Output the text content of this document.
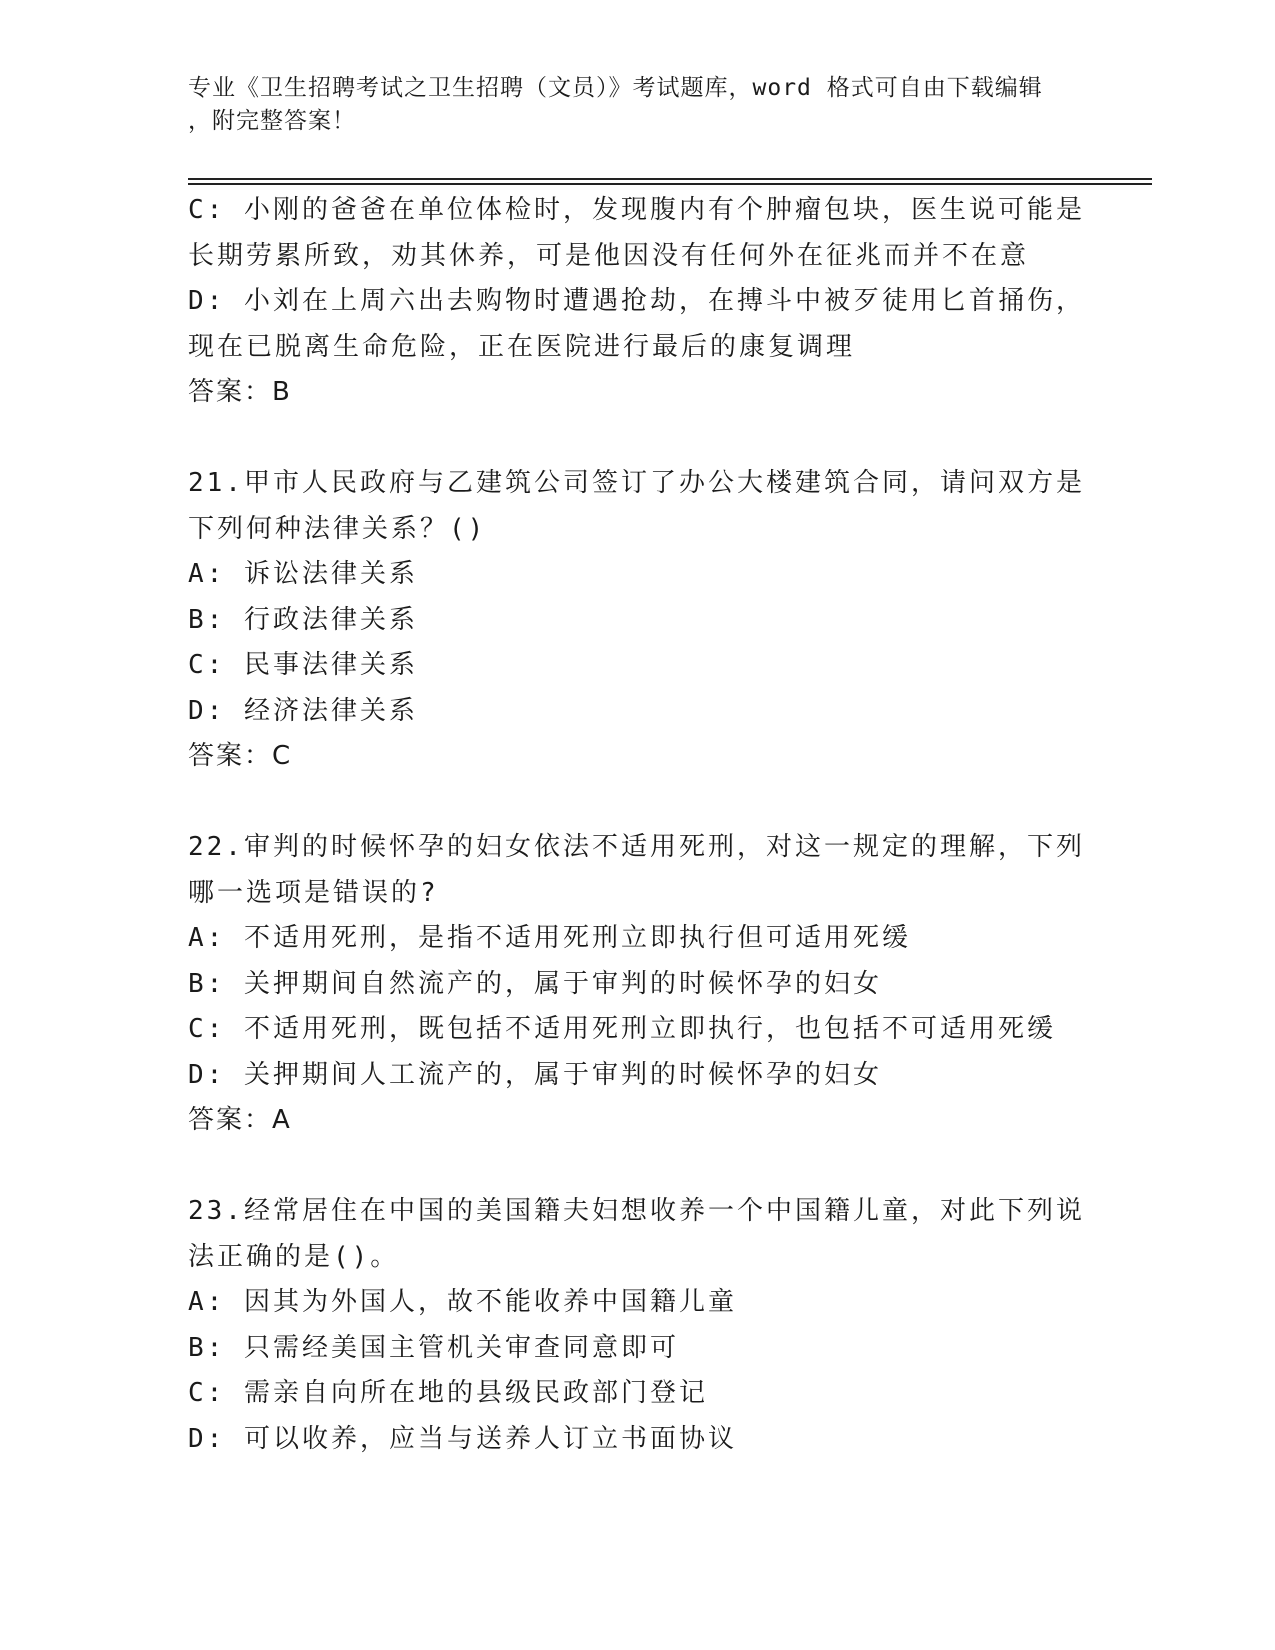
专业《卫生招聘考试之卫生招聘（文员）》考试题库，word 格式可自由下载编辑
，附完整答案！
C: 小刚的爸爸在单位体检时，发现腹内有个肿瘤包块，医生说可能是
长期劳累所致，劝其休养，可是他因没有任何外在征兆而并不在意
D: 小刘在上周六出去购物时遭遇抢劫，在搏斗中被歹徒用匕首捅伤，
现在已脱离生命危险，正在医院进行最后的康复调理
答案：B
21.甲市人民政府与乙建筑公司签订了办公大楼建筑合同，请问双方是
下列何种法律关系？()
A: 诉讼法律关系
B: 行政法律关系
C: 民事法律关系
D: 经济法律关系
答案：C
22.审判的时候怀孕的妇女依法不适用死刑，对这一规定的理解，下列
哪一选项是错误的?
A: 不适用死刑，是指不适用死刑立即执行但可适用死缓
B: 关押期间自然流产的，属于审判的时候怀孕的妇女
C: 不适用死刑，既包括不适用死刑立即执行，也包括不可适用死缓
D: 关押期间人工流产的，属于审判的时候怀孕的妇女
答案：A
23.经常居住在中国的美国籍夫妇想收养一个中国籍儿童，对此下列说
法正确的是()。
A: 因其为外国人，故不能收养中国籍儿童
B: 只需经美国主管机关审查同意即可
C: 需亲自向所在地的县级民政部门登记
D: 可以收养，应当与送养人订立书面协议
